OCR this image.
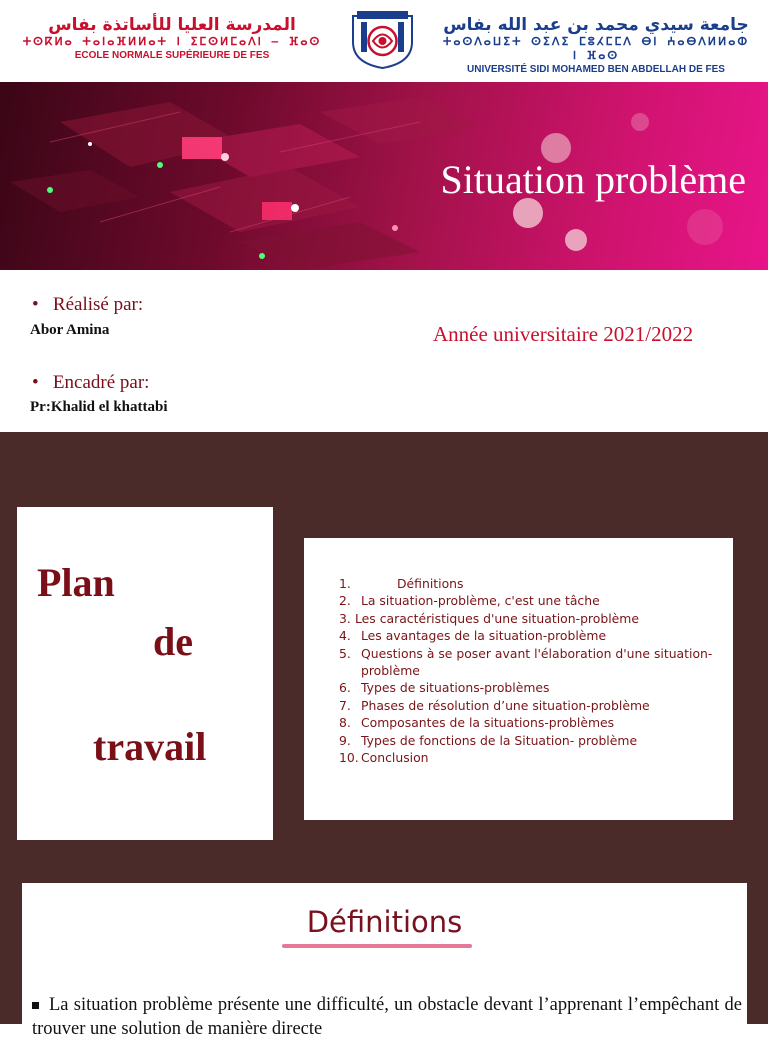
المدرسة العليا للأساتذة بفاس
ⵜⵙⴽⵍⴰ ⵜⴰⵏⴰⴼⵍⵍⴰⵜ ⵏ ⵉⵎⵙⵍⵎⴰⴷⵏ – ⴼⴰⵙ
ECOLE NORMALE SUPÉRIEURE DE FES
جامعة سيدي محمد بن عبد الله بفاس
ⵜⴰⵙⴷⴰⵡⵉⵜ ⵙⵉⴷⵉ ⵎⵓⵃⵎⵎⴷ ⴱⵏ ⵄⴰⴱⴷⵍⵍⴰⵀ ⵏ ⴼⴰⵙ
UNIVERSITÉ SIDI MOHAMED BEN ABDELLAH DE FES
Situation problème
• Réalisé par:
Abor Amina
• Encadré par:
Pr:Khalid el khattabi
Année universitaire 2021/2022
Plan
de
travail
1.	Définitions
2. La situation-problème, c'est une tâche
3. Les caractéristiques d'une situation-problème
4. Les avantages de la situation-problème
5. Questions à se poser avant l'élaboration d'une situation-problème
6. Types de situations-problèmes
7. Phases de résolution d’une situation-problème
8. Composantes de la situations-problèmes
9. Types de fonctions de la Situation- problème
10. Conclusion
Définitions
La situation problème présente une difficulté, un obstacle devant l’apprenant l’empêchant de trouver une solution de manière directe
